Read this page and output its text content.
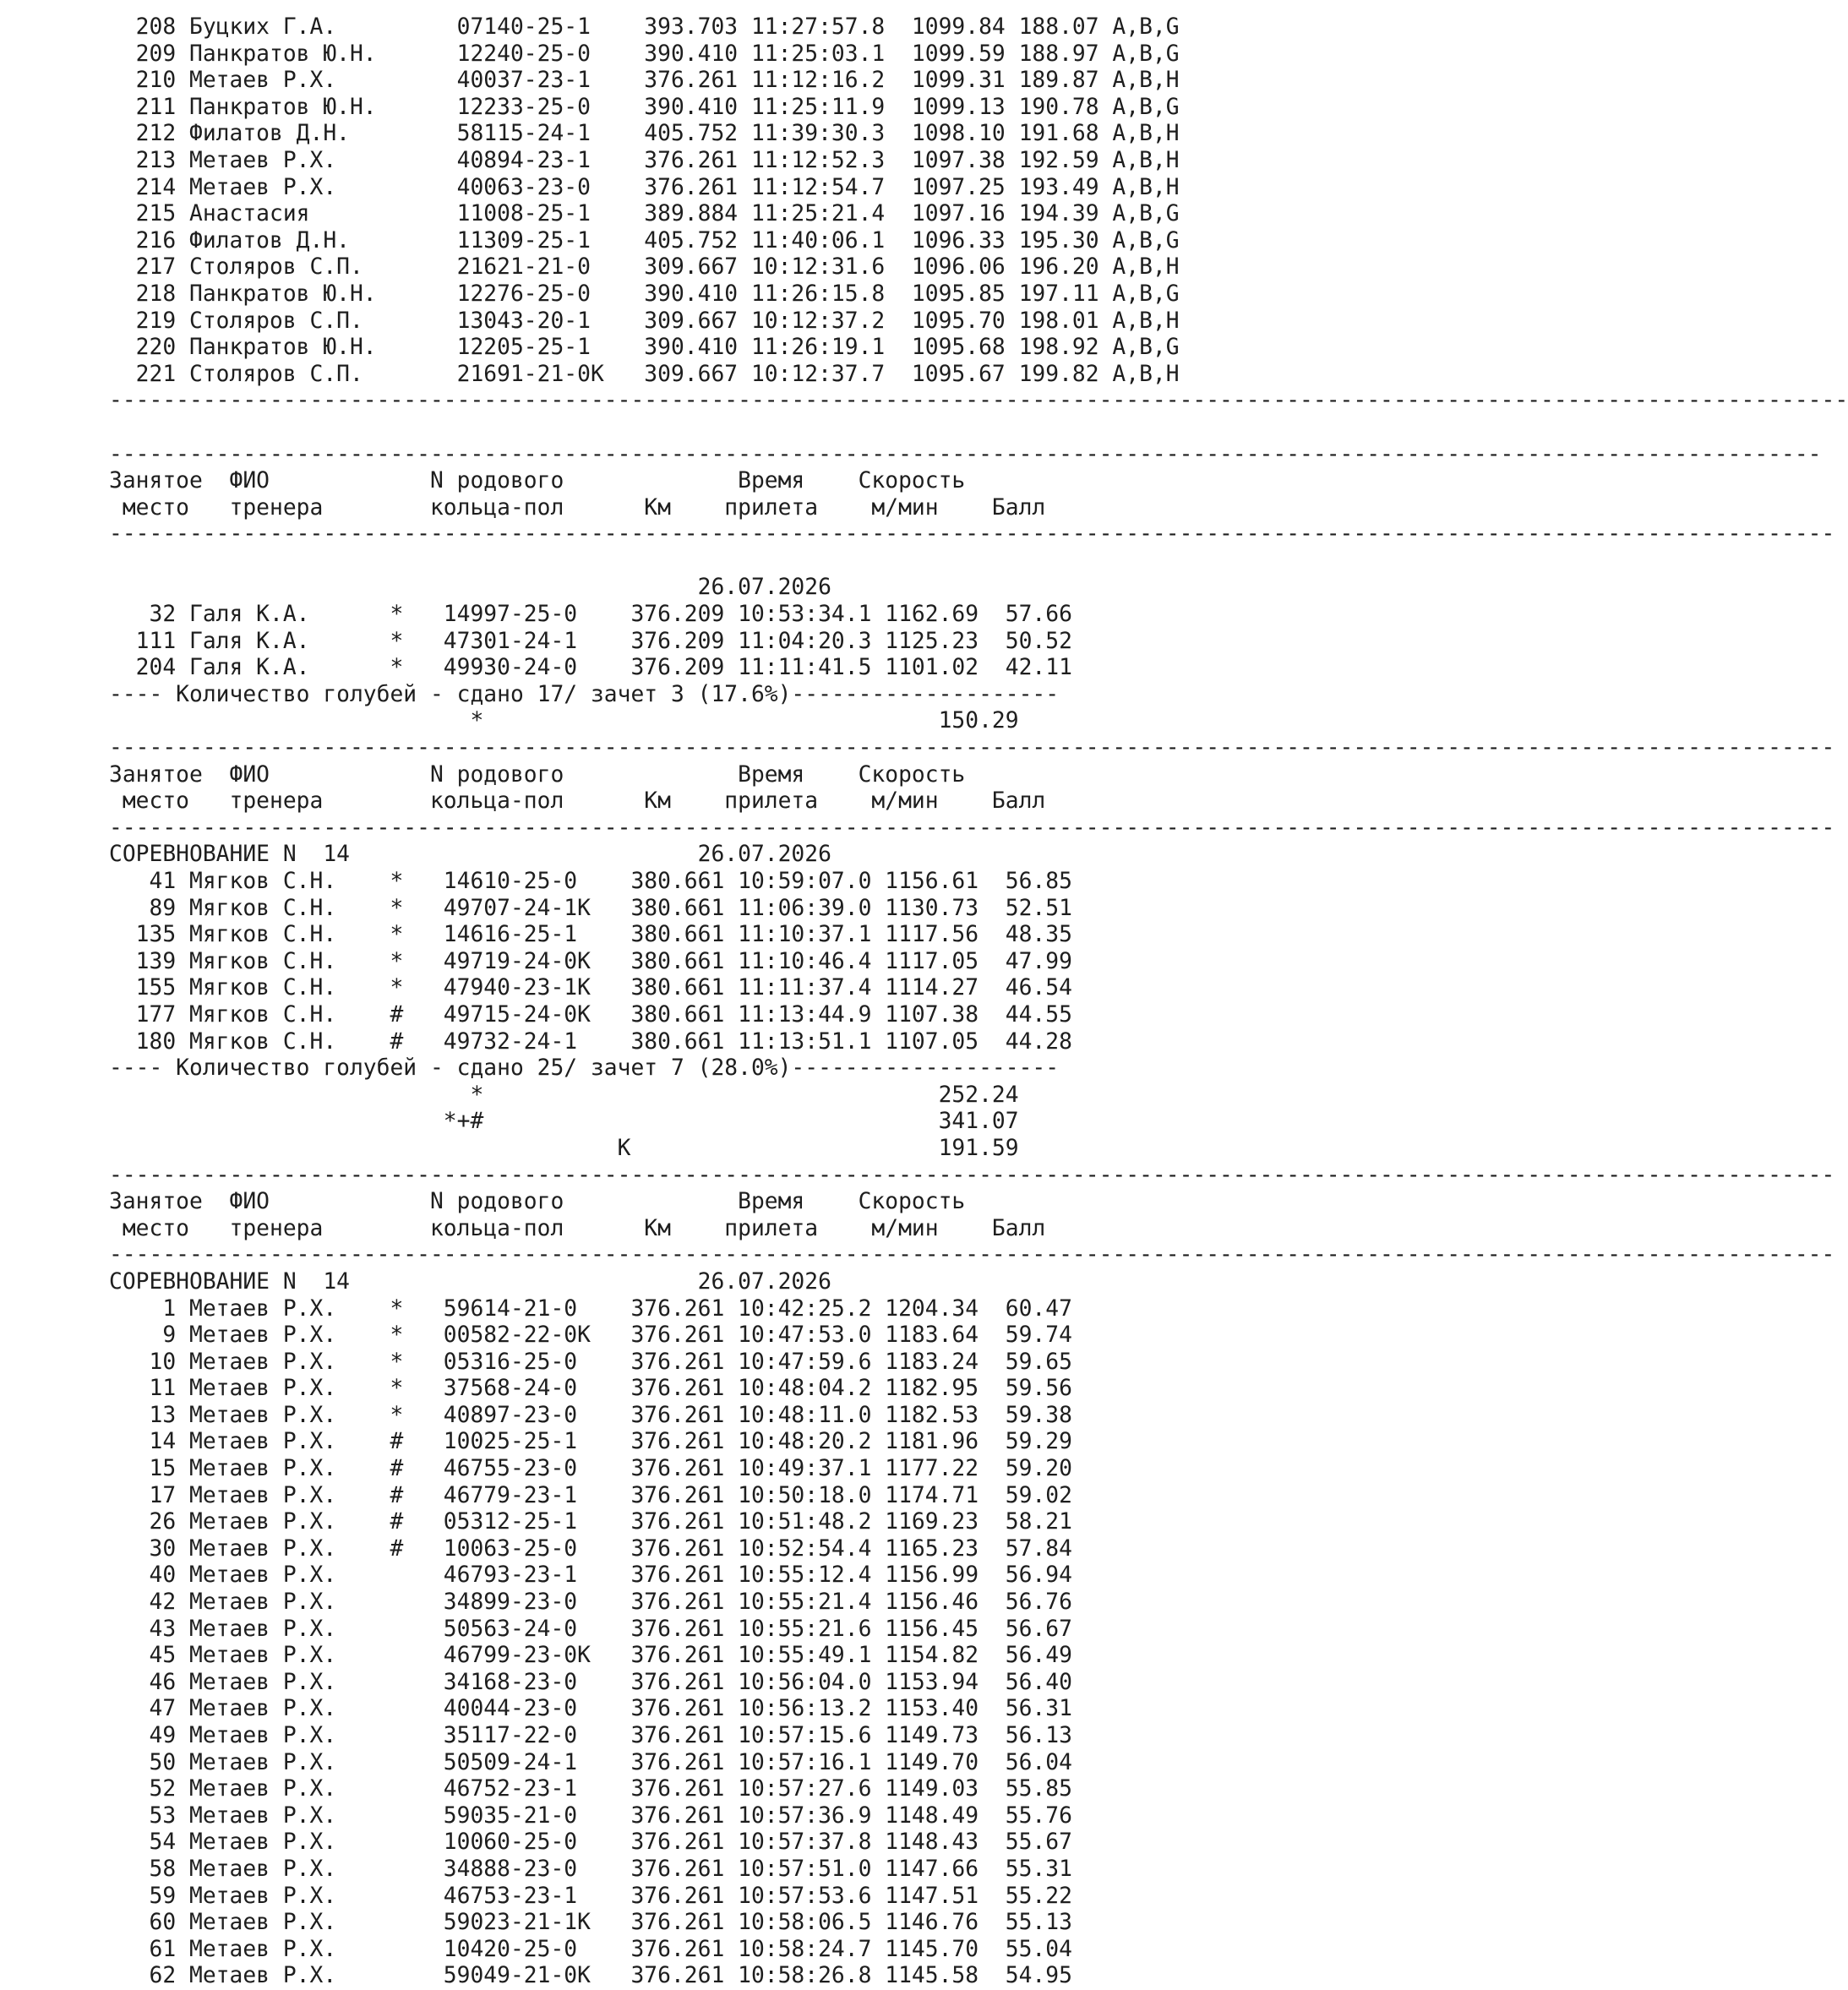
208 Буцких Г.А.         07140-25-1    393.703 11:27:57.8  1099.84 188.07 A,B,G
209 Панкратов Ю.Н.      12240-25-0    390.410 11:25:03.1  1099.59 188.97 A,B,G
210 Метаев Р.Х.         40037-23-1    376.261 11:12:16.2  1099.31 189.87 A,B,H
211 Панкратов Ю.Н.      12233-25-0    390.410 11:25:11.9  1099.13 190.78 A,B,G
212 Филатов Д.Н.        58115-24-1    405.752 11:39:30.3  1098.10 191.68 A,B,H
213 Метаев Р.Х.         40894-23-1    376.261 11:12:52.3  1097.38 192.59 A,B,H
214 Метаев Р.Х.         40063-23-0    376.261 11:12:54.7  1097.25 193.49 A,B,H
215 Анастасия           11008-25-1    389.884 11:25:21.4  1097.16 194.39 A,B,G
216 Филатов Д.Н.        11309-25-1    405.752 11:40:06.1  1096.33 195.30 A,B,G
217 Столяров С.П.       21621-21-0    309.667 10:12:31.6  1096.06 196.20 A,B,H
218 Панкратов Ю.Н.      12276-25-0    390.410 11:26:15.8  1095.85 197.11 A,B,G
219 Столяров С.П.       13043-20-1    309.667 10:12:37.2  1095.70 198.01 A,B,H
220 Панкратов Ю.Н.      12205-25-1    390.410 11:26:19.1  1095.68 198.92 A,B,G
221 Столяров С.П.       21691-21-0K   309.667 10:12:37.7  1095.67 199.82 A,B,H
----------------------------------------------------------------------------------------------------------------------------------

--------------------------------------------------------------------------------------------------------------------------------
Занятое  ФИО            N родового             Время    Скорость
место   тренера        кольца-пол      Км    прилета    м/мин    Балл
---------------------------------------------------------------------------------------------------------------------------------

26.07.2026
32 Галя К.А.      *   14997-25-0    376.209 10:53:34.1 1162.69  57.66
111 Галя К.А.      *   47301-24-1    376.209 11:04:20.3 1125.23  50.52
204 Галя К.А.      *   49930-24-0    376.209 11:11:41.5 1101.02  42.11
---- Количество голубей - сдано 17/ зачет 3 (17.6%)--------------------
*                                  150.29
---------------------------------------------------------------------------------------------------------------------------------
Занятое  ФИО            N родового             Время    Скорость
место   тренера        кольца-пол      Км    прилета    м/мин    Балл
---------------------------------------------------------------------------------------------------------------------------------
СОРЕВНОВАНИЕ N  14                          26.07.2026
41 Мягков С.Н.    *   14610-25-0    380.661 10:59:07.0 1156.61  56.85
89 Мягков С.Н.    *   49707-24-1K   380.661 11:06:39.0 1130.73  52.51
135 Мягков С.Н.    *   14616-25-1    380.661 11:10:37.1 1117.56  48.35
139 Мягков С.Н.    *   49719-24-0K   380.661 11:10:46.4 1117.05  47.99
155 Мягков С.Н.    *   47940-23-1K   380.661 11:11:37.4 1114.27  46.54
177 Мягков С.Н.    #   49715-24-0K   380.661 11:13:44.9 1107.38  44.55
180 Мягков С.Н.    #   49732-24-1    380.661 11:13:51.1 1107.05  44.28
---- Количество голубей - сдано 25/ зачет 7 (28.0%)--------------------
*                                  252.24
*+#                                  341.07
K                       191.59
---------------------------------------------------------------------------------------------------------------------------------
Занятое  ФИО            N родового             Время    Скорость
место   тренера        кольца-пол      Км    прилета    м/мин    Балл
---------------------------------------------------------------------------------------------------------------------------------
СОРЕВНОВАНИЕ N  14                          26.07.2026
1 Метаев Р.Х.    *   59614-21-0    376.261 10:42:25.2 1204.34  60.47
9 Метаев Р.Х.    *   00582-22-0K   376.261 10:47:53.0 1183.64  59.74
10 Метаев Р.Х.    *   05316-25-0    376.261 10:47:59.6 1183.24  59.65
11 Метаев Р.Х.    *   37568-24-0    376.261 10:48:04.2 1182.95  59.56
13 Метаев Р.Х.    *   40897-23-0    376.261 10:48:11.0 1182.53  59.38
14 Метаев Р.Х.    #   10025-25-1    376.261 10:48:20.2 1181.96  59.29
15 Метаев Р.Х.    #   46755-23-0    376.261 10:49:37.1 1177.22  59.20
17 Метаев Р.Х.    #   46779-23-1    376.261 10:50:18.0 1174.71  59.02
26 Метаев Р.Х.    #   05312-25-1    376.261 10:51:48.2 1169.23  58.21
30 Метаев Р.Х.    #   10063-25-0    376.261 10:52:54.4 1165.23  57.84
40 Метаев Р.Х.        46793-23-1    376.261 10:55:12.4 1156.99  56.94
42 Метаев Р.Х.        34899-23-0    376.261 10:55:21.4 1156.46  56.76
43 Метаев Р.Х.        50563-24-0    376.261 10:55:21.6 1156.45  56.67
45 Метаев Р.Х.        46799-23-0K   376.261 10:55:49.1 1154.82  56.49
46 Метаев Р.Х.        34168-23-0    376.261 10:56:04.0 1153.94  56.40
47 Метаев Р.Х.        40044-23-0    376.261 10:56:13.2 1153.40  56.31
49 Метаев Р.Х.        35117-22-0    376.261 10:57:15.6 1149.73  56.13
50 Метаев Р.Х.        50509-24-1    376.261 10:57:16.1 1149.70  56.04
52 Метаев Р.Х.        46752-23-1    376.261 10:57:27.6 1149.03  55.85
53 Метаев Р.Х.        59035-21-0    376.261 10:57:36.9 1148.49  55.76
54 Метаев Р.Х.        10060-25-0    376.261 10:57:37.8 1148.43  55.67
58 Метаев Р.Х.        34888-23-0    376.261 10:57:51.0 1147.66  55.31
59 Метаев Р.Х.        46753-23-1    376.261 10:57:53.6 1147.51  55.22
60 Метаев Р.Х.        59023-21-1K   376.261 10:58:06.5 1146.76  55.13
61 Метаев Р.Х.        10420-25-0    376.261 10:58:24.7 1145.70  55.04
62 Метаев Р.Х.        59049-21-0K   376.261 10:58:26.8 1145.58  54.95
